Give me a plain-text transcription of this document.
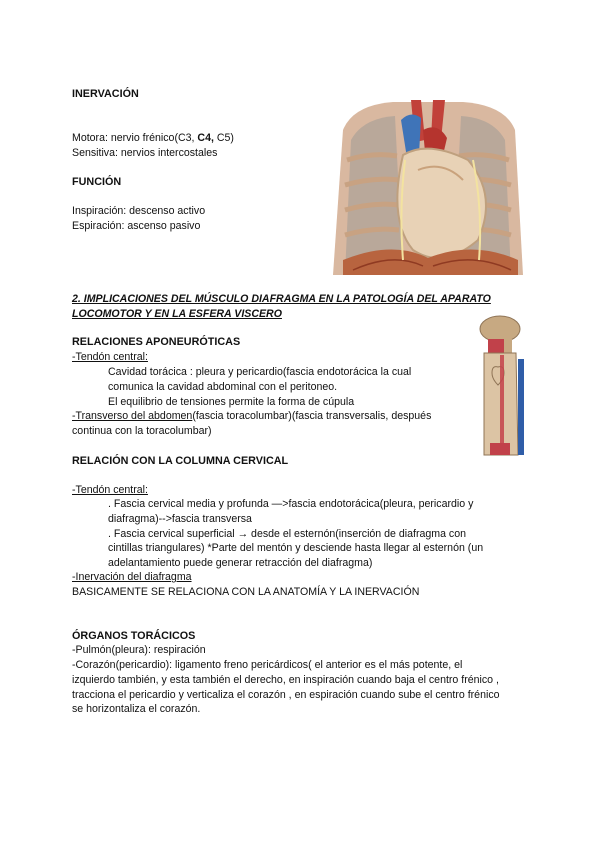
INERVACIÓN
Motora: nervio frénico(C3, C4, C5)
Sensitiva: nervios intercostales
FUNCIÓN
Inspiración: descenso activo
Espiración: ascenso pasivo
2. IMPLICACIONES DEL MÚSCULO DIAFRAGMA EN LA PATOLOGÍA DEL APARATO
LOCOMOTOR Y EN LA ESFERA VISCERO
RELACIONES APONEURÓTICAS
-Tendón central:
Cavidad torácica : pleura y pericardio(fascia endotorácica la cual
comunica la cavidad abdominal con el peritoneo.
El equilibrio de tensiones permite la forma de cúpula
-Transverso del abdomen(fascia toracolumbar)(fascia transversalis, después
continua con la toracolumbar)
RELACIÓN CON LA COLUMNA CERVICAL
-Tendón central:
. Fascia cervical media y profunda —>fascia endotorácica(pleura, pericardio y
diafragma)-->fascia transversa
. Fascia cervical superficial → desde el esternón(inserción de diafragma con
cintillas triangulares) *Parte del mentón y desciende hasta llegar al esternón (un
adelantamiento puede generar retracción del diafragma)
-Inervación del diafragma
BASICAMENTE SE RELACIONA CON LA ANATOMÍA Y LA INERVACIÓN
ÓRGANOS TORÁCICOS
-Pulmón(pleura): respiración
-Corazón(pericardio): ligamento freno pericárdicos( el anterior es el más potente, el
izquierdo también, y esta también el derecho, en inspiración cuando baja el centro frénico ,
tracciona el pericardio y verticaliza el corazón , en espiración cuando sube el centro frénico
se horizontaliza el corazón.
